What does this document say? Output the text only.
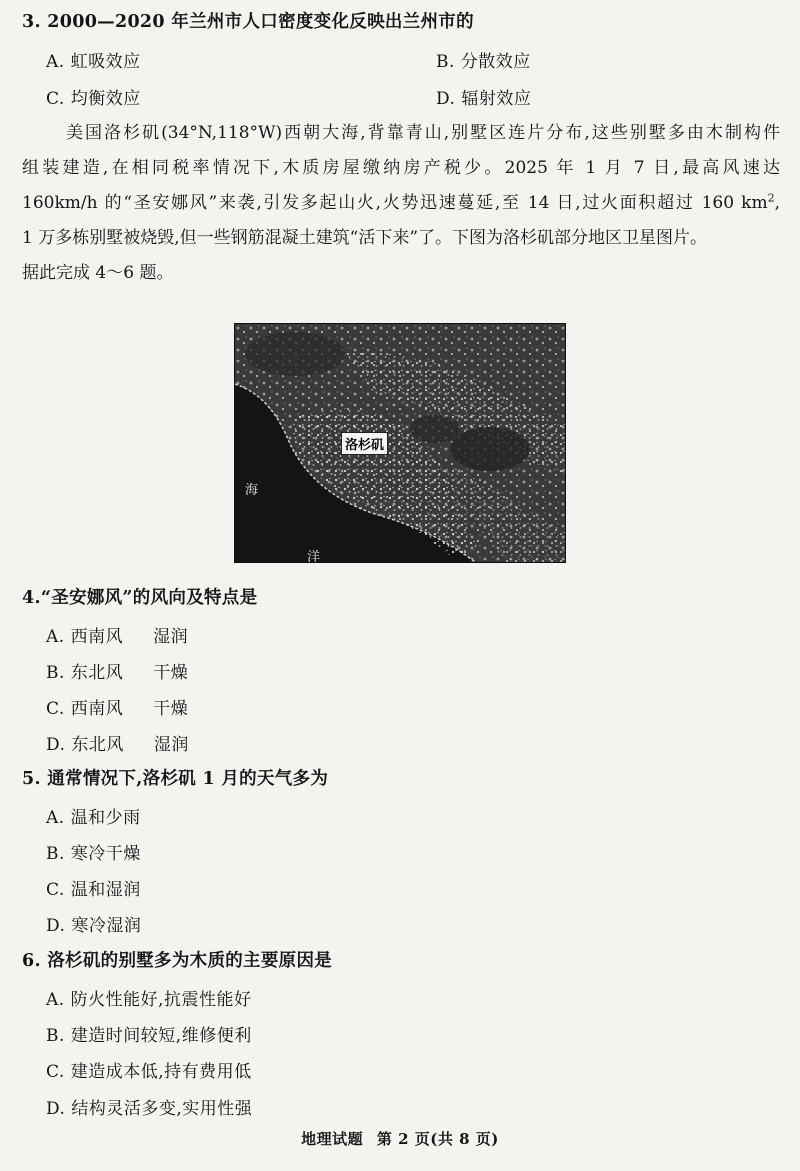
3. 2000—2020 年兰州市人口密度变化反映出兰州市的
A. 虹吸效应	B. 分散效应
C. 均衡效应	D. 辐射效应
美国洛杉矶(34°N,118°W)西朝大海,背靠青山,别墅区连片分布,这些别墅多由木制构件
组装建造,在相同税率情况下,木质房屋缴纳房产税少。2025 年 1 月 7 日,最高风速达
160km/h 的“圣安娜风”来袭,引发多起山火,火势迅速蔓延,至 14 日,过火面积超过 160 $km^2$,
1 万多栋别墅被烧毁,但一些钢筋混凝土建筑“活下来”了。下图为洛杉矶部分地区卫星图片。
据此完成 4～6 题。
洛杉矶
海
洋
4.“圣安娜风”的风向及特点是
A. 西南风 湿润
B. 东北风 干燥
C. 西南风 干燥
D. 东北风 湿润
5. 通常情况下,洛杉矶 1 月的天气多为
A. 温和少雨
B. 寒冷干燥
C. 温和湿润
D. 寒冷湿润
6. 洛杉矶的别墅多为木质的主要原因是
A. 防火性能好,抗震性能好
B. 建造时间较短,维修便利
C. 建造成本低,持有费用低
D. 结构灵活多变,实用性强
地理试题 第 2 页(共 8 页)
